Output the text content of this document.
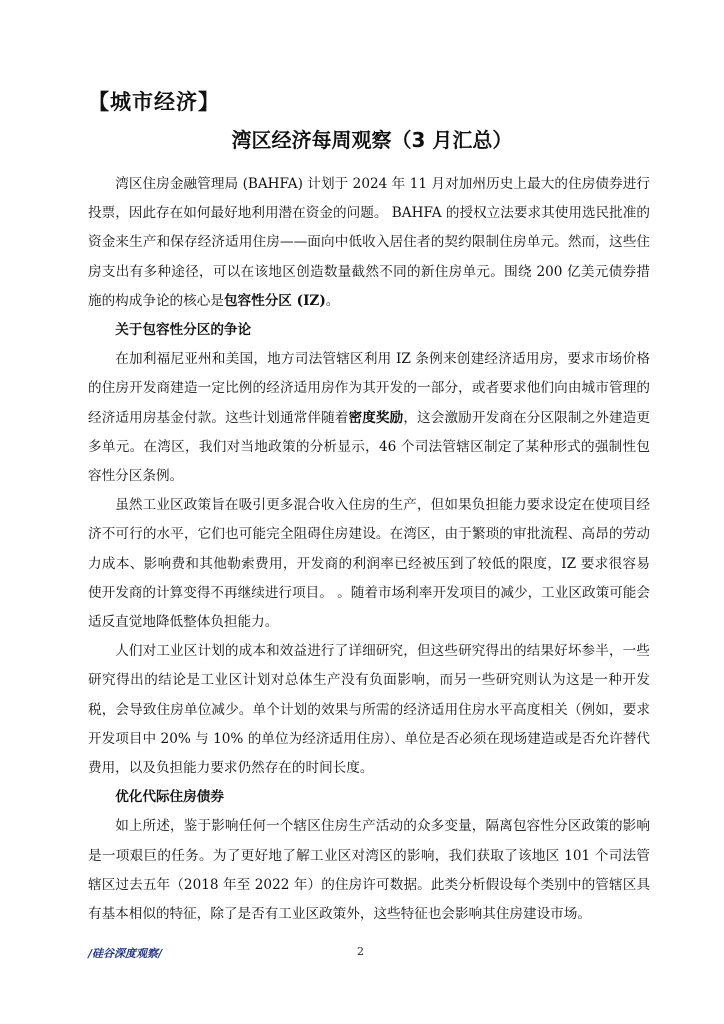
【城市经济】
湾区经济每周观察（3 月汇总）

湾区住房金融管理局 (BAHFA) 计划于 2024 年 11 月对加州历史上最大的住房债券进行投票，因此存在如何最好地利用潜在资金的问题。 BAHFA 的授权立法要求其使用选民批准的资金来生产和保存经济适用住房——面向中低收入居住者的契约限制住房单元。然而，这些住房支出有多种途径，可以在该地区创造数量截然不同的新住房单元。围绕 200 亿美元债券措施的构成争论的核心是包容性分区 (IZ)。

关于包容性分区的争论

在加利福尼亚州和美国，地方司法管辖区利用 IZ 条例来创建经济适用房，要求市场价格的住房开发商建造一定比例的经济适用房作为其开发的一部分，或者要求他们向由城市管理的经济适用房基金付款。这些计划通常伴随着密度奖励，这会激励开发商在分区限制之外建造更多单元。在湾区，我们对当地政策的分析显示，46 个司法管辖区制定了某种形式的强制性包容性分区条例。

虽然工业区政策旨在吸引更多混合收入住房的生产，但如果负担能力要求设定在使项目经济不可行的水平，它们也可能完全阻碍住房建设。在湾区，由于繁琐的审批流程、高昂的劳动力成本、影响费和其他勒索费用，开发商的利润率已经被压到了较低的限度，IZ 要求很容易使开发商的计算变得不再继续进行项目。 。随着市场利率开发项目的减少，工业区政策可能会适反直觉地降低整体负担能力。

人们对工业区计划的成本和效益进行了详细研究，但这些研究得出的结果好坏参半，一些研究得出的结论是工业区计划对总体生产没有负面影响，而另一些研究则认为这是一种开发税，会导致住房单位减少。单个计划的效果与所需的经济适用住房水平高度相关（例如，要求开发项目中 20% 与 10% 的单位为经济适用住房）、单位是否必须在现场建造或是否允许替代费用，以及负担能力要求仍然存在的时间长度。

优化代际住房债券

如上所述，鉴于影响任何一个辖区住房生产活动的众多变量，隔离包容性分区政策的影响是一项艰巨的任务。为了更好地了解工业区对湾区的影响，我们获取了该地区 101 个司法管辖区过去五年（2018 年至 2022 年）的住房许可数据。此类分析假设每个类别中的管辖区具有基本相似的特征，除了是否有工业区政策外，这些特征也会影响其住房建设市场。

/硅谷深度观察/	2
